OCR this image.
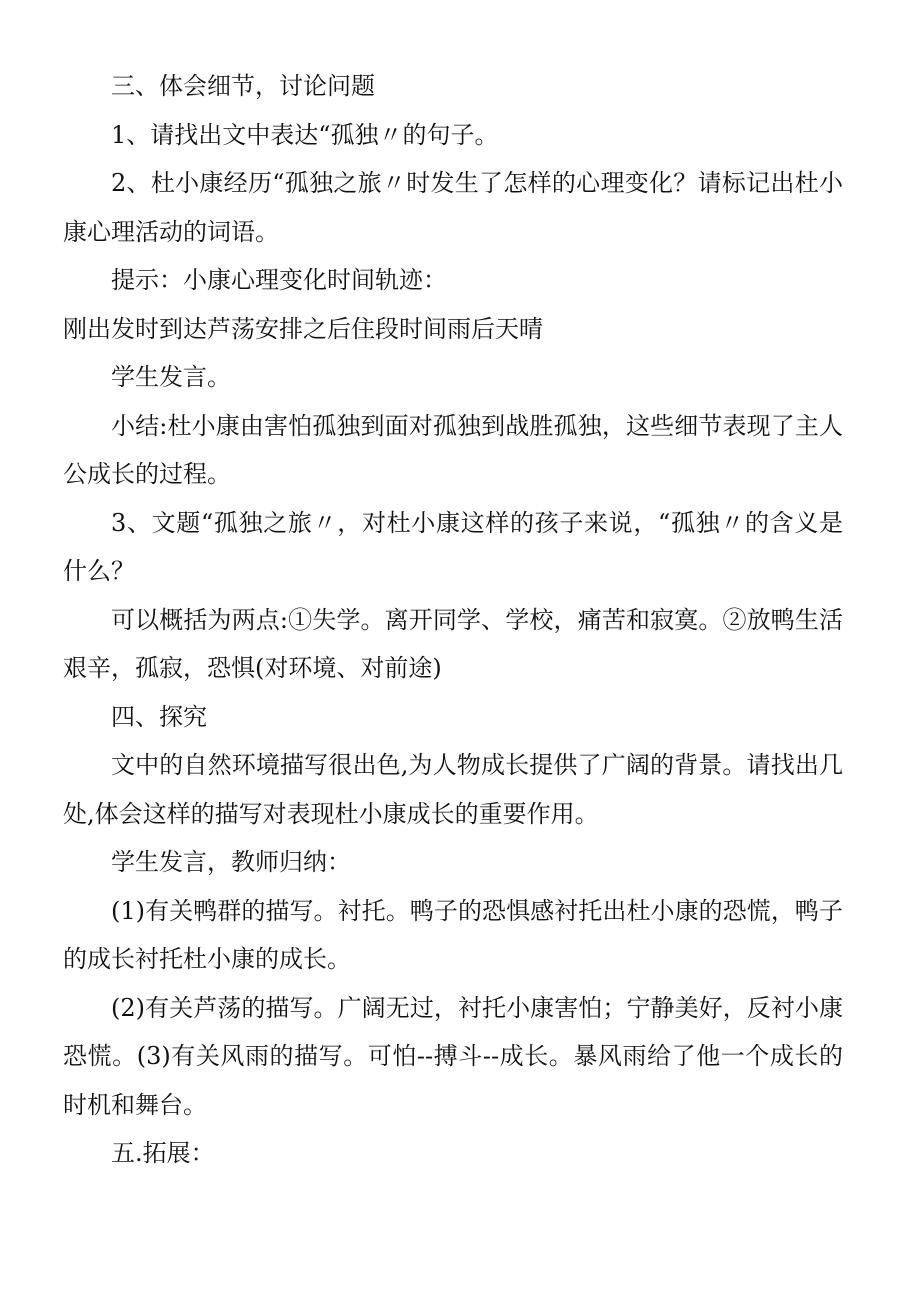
三、体会细节，讨论问题

1、请找出文中表达“孤独〃的句子。

2、杜小康经历“孤独之旅〃时发生了怎样的心理变化？请标记出杜小康心理活动的词语。

提示：小康心理变化时间轨迹：

刚出发时到达芦荡安排之后住段时间雨后天晴

学生发言。

小结:杜小康由害怕孤独到面对孤独到战胜孤独，这些细节表现了主人公成长的过程。

3、文题“孤独之旅〃，对杜小康这样的孩子来说，“孤独〃的含义是什么？

可以概括为两点:①失学。离开同学、学校，痛苦和寂寞。②放鸭生活艰辛，孤寂，恐惧(对环境、对前途)

四、探究

文中的自然环境描写很出色,为人物成长提供了广阔的背景。请找出几处,体会这样的描写对表现杜小康成长的重要作用。

学生发言，教师归纳：

(1)有关鸭群的描写。衬托。鸭子的恐惧感衬托出杜小康的恐慌，鸭子的成长衬托杜小康的成长。

(2)有关芦荡的描写。广阔无过，衬托小康害怕；宁静美好，反衬小康恐慌。(3)有关风雨的描写。可怕--搏斗--成长。暴风雨给了他一个成长的时机和舞台。

五.拓展：
